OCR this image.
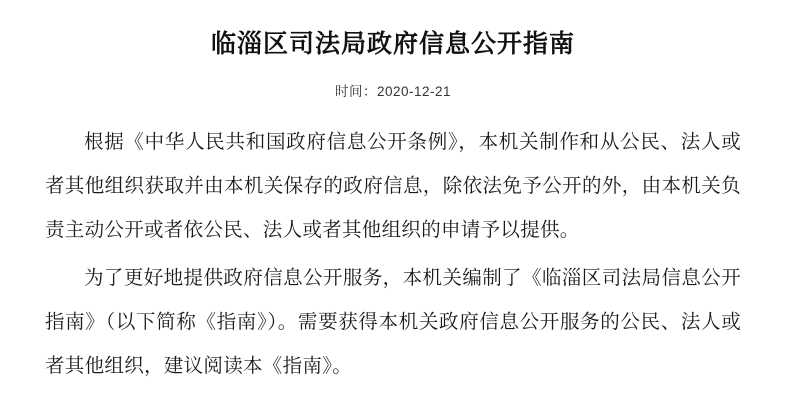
临淄区司法局政府信息公开指南
时间：2020-12-21

根据《中华人民共和国政府信息公开条例》，本机关制作和从公民、法人或者其他组织获取并由本机关保存的政府信息，除依法免予公开的外，由本机关负责主动公开或者依公民、法人或者其他组织的申请予以提供。

为了更好地提供政府信息公开服务，本机关编制了《临淄区司法局信息公开指南》（以下简称《指南》）。需要获得本机关政府信息公开服务的公民、法人或者其他组织，建议阅读本《指南》。
